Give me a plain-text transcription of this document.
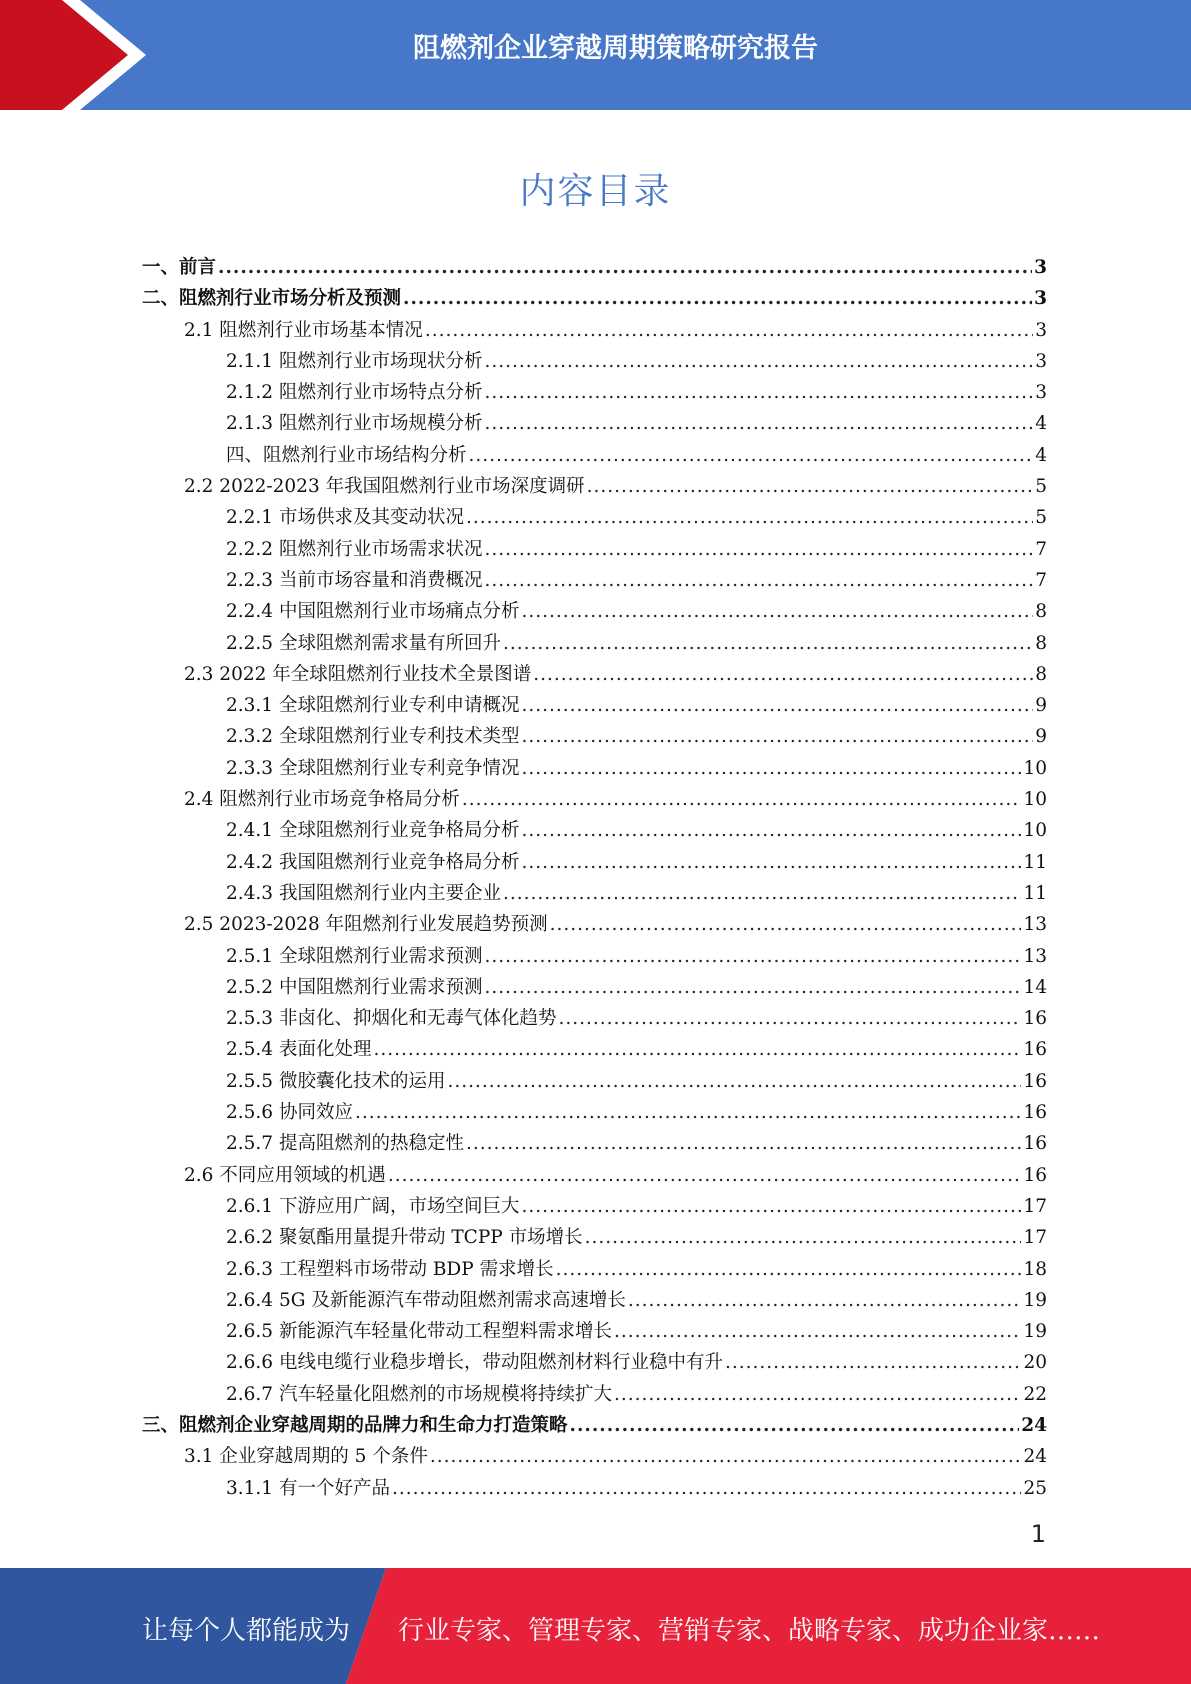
阻燃剂企业穿越周期策略研究报告
内容目录
一、前言 .....	3
二、阻燃剂行业市场分析及预测 .....	3
2.1 阻燃剂行业市场基本情况 .....	3
2.1.1 阻燃剂行业市场现状分析 .....	3
2.1.2 阻燃剂行业市场特点分析 .....	3
2.1.3 阻燃剂行业市场规模分析 .....	4
四、阻燃剂行业市场结构分析 .....	4
2.2 2022-2023 年我国阻燃剂行业市场深度调研 .....	5
2.2.1 市场供求及其变动状况 .....	5
2.2.2 阻燃剂行业市场需求状况 .....	7
2.2.3 当前市场容量和消费概况 .....	7
2.2.4 中国阻燃剂行业市场痛点分析 .....	8
2.2.5 全球阻燃剂需求量有所回升 .....	8
2.3 2022 年全球阻燃剂行业技术全景图谱 .....	8
2.3.1 全球阻燃剂行业专利申请概况 .....	9
2.3.2 全球阻燃剂行业专利技术类型 .....	9
2.3.3 全球阻燃剂行业专利竞争情况 .....	10
2.4 阻燃剂行业市场竞争格局分析 .....	10
2.4.1 全球阻燃剂行业竞争格局分析 .....	10
2.4.2 我国阻燃剂行业竞争格局分析 .....	11
2.4.3 我国阻燃剂行业内主要企业 .....	11
2.5 2023-2028 年阻燃剂行业发展趋势预测 .....	13
2.5.1 全球阻燃剂行业需求预测 .....	13
2.5.2 中国阻燃剂行业需求预测 .....	14
2.5.3 非卤化、抑烟化和无毒气体化趋势 .....	16
2.5.4 表面化处理 .....	16
2.5.5 微胶囊化技术的运用 .....	16
2.5.6 协同效应 .....	16
2.5.7 提高阻燃剂的热稳定性 .....	16
2.6 不同应用领域的机遇 .....	16
2.6.1 下游应用广阔，市场空间巨大 .....	17
2.6.2 聚氨酯用量提升带动 TCPP 市场增长 .....	17
2.6.3 工程塑料市场带动 BDP 需求增长 .....	18
2.6.4 5G 及新能源汽车带动阻燃剂需求高速增长 .....	19
2.6.5 新能源汽车轻量化带动工程塑料需求增长 .....	19
2.6.6 电线电缆行业稳步增长，带动阻燃剂材料行业稳中有升 .....	20
2.6.7 汽车轻量化阻燃剂的市场规模将持续扩大 .....	22
三、阻燃剂企业穿越周期的品牌力和生命力打造策略 .....	24
3.1 企业穿越周期的 5 个条件 .....	24
3.1.1 有一个好产品 .....	25
1
让每个人都能成为 行业专家、管理专家、营销专家、战略专家、成功企业家……
